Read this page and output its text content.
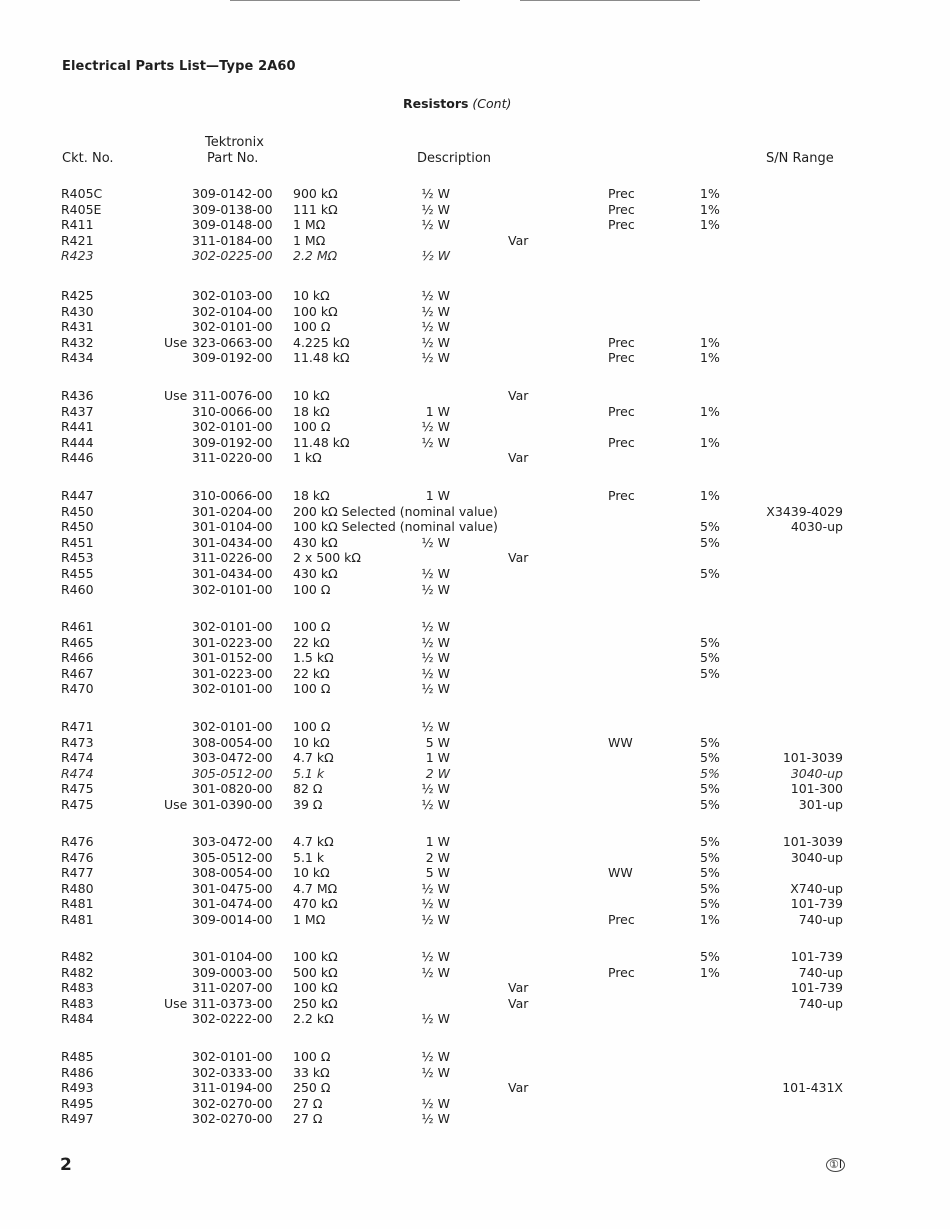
Electrical Parts List—Type 2A60
Resistors (Cont)
Ckt. No.
Tektronix
Part No.	Description	S/N Range
R405C	309-0142-00 900 kΩ	½ W	Prec	1%
R405E	309-0138-00 111 kΩ	½ W	Prec	1%
R411	309-0148-00 1 MΩ	½ W	Prec	1%
R421	311-0184-00 1 MΩ	Var
R423	302-0225-00 2.2 MΩ	½ W
R425	302-0103-00 10 kΩ	½ W
R430	302-0104-00 100 kΩ	½ W
R431	302-0101-00 100 Ω	½ W
R432	Use 323-0663-00 4.225 kΩ	½ W	Prec	1%
R434	309-0192-00 11.48 kΩ	½ W	Prec	1%
R436	Use 311-0076-00 10 kΩ	Var
R437	310-0066-00 18 kΩ	1 W	Prec	1%
R441	302-0101-00 100 Ω	½ W
R444	309-0192-00 11.48 kΩ	½ W	Prec	1%
R446	311-0220-00 1 kΩ	Var
R447	310-0066-00 18 kΩ	1 W	Prec	1%
R450	301-0204-00 200 kΩ Selected (nominal value)	X3439-4029
R450	301-0104-00 100 kΩ Selected (nominal value)	5%	4030-up
R451	301-0434-00 430 kΩ	½ W	5%
R453	311-0226-00 2 x 500 kΩ	Var
R455	301-0434-00 430 kΩ	½ W	5%
R460	302-0101-00 100 Ω	½ W
R461	302-0101-00 100 Ω	½ W
R465	301-0223-00 22 kΩ	½ W	5%
R466	301-0152-00 1.5 kΩ	½ W	5%
R467	301-0223-00 22 kΩ	½ W	5%
R470	302-0101-00 100 Ω	½ W
R471	302-0101-00 100 Ω	½ W
R473	308-0054-00 10 kΩ	5 W	WW	5%
R474	303-0472-00 4.7 kΩ	1 W	5%	101-3039
R474	305-0512-00 5.1 k	2 W	5%	3040-up
R475	301-0820-00 82 Ω	½ W	5%	101-300
R475	Use 301-0390-00 39 Ω	½ W	5%	301-up
R476	303-0472-00 4.7 kΩ	1 W	5%	101-3039
R476	305-0512-00 5.1 k	2 W	5%	3040-up
R477	308-0054-00 10 kΩ	5 W	WW	5%
R480	301-0475-00 4.7 MΩ	½ W	5%	X740-up
R481	301-0474-00 470 kΩ	½ W	5%	101-739
R481	309-0014-00 1 MΩ	½ W	Prec	1%	740-up
R482	301-0104-00 100 kΩ	½ W	5%	101-739
R482	309-0003-00 500 kΩ	½ W	Prec	1%	740-up
R483	311-0207-00 100 kΩ	Var	101-739
R483	Use 311-0373-00 250 kΩ	Var	740-up
R484	302-0222-00 2.2 kΩ	½ W
R485	302-0101-00 100 Ω	½ W
R486	302-0333-00 33 kΩ	½ W
R493	311-0194-00 250 Ω	Var	101-431X
R495	302-0270-00 27 Ω	½ W
R497	302-0270-00 27 Ω	½ W
2	①I
